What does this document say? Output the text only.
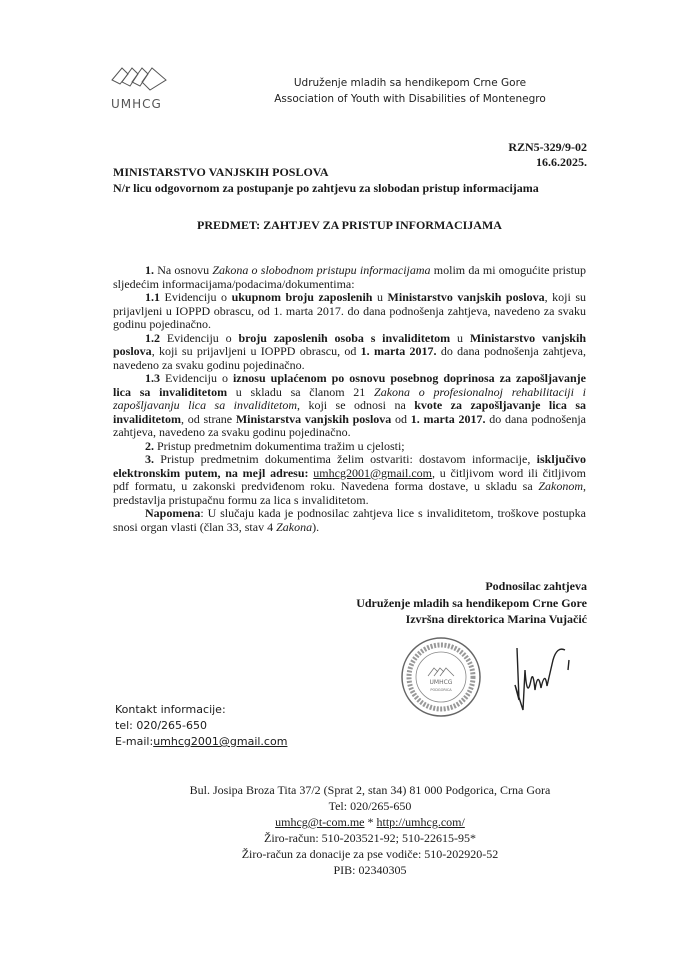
UMHCG
Udruženje mladih sa hendikepom Crne Gore
Association of Youth with Disabilities of Montenegro
RZN5-329/9-02
16.6.2025.
MINISTARSTVO VANJSKIH POSLOVA
N/r licu odgovornom za postupanje po zahtjevu za slobodan pristup informacijama
PREDMET: ZAHTJEV ZA PRISTUP INFORMACIJAMA

1. Na osnovu Zakona o slobodnom pristupu informacijama molim da mi omogućite pristup sljedećim informacijama/podacima/dokumentima:

1.1 Evidenciju o ukupnom broju zaposlenih u Ministarstvo vanjskih poslova, koji su prijavljeni u IOPPD obrascu, od 1. marta 2017. do dana podnošenja zahtjeva, navedeno za svaku godinu pojedinačno.

1.2 Evidenciju o broju zaposlenih osoba s invaliditetom u Ministarstvo vanjskih poslova, koji su prijavljeni u IOPPD obrascu, od 1. marta 2017. do dana podnošenja zahtjeva, navedeno za svaku godinu pojedinačno.

1.3 Evidenciju o iznosu uplaćenom po osnovu posebnog doprinosa za zapošljavanje lica sa invaliditetom u skladu sa članom 21 Zakona o profesionalnoj rehabilitaciji i zapošljavanju lica sa invaliditetom, koji se odnosi na kvote za zapošljavanje lica sa invaliditetom, od strane Ministarstva vanjskih poslova od 1. marta 2017. do dana podnošenja zahtjeva, navedeno za svaku godinu pojedinačno.

2. Pristup predmetnim dokumentima tražim u cjelosti;

3. Pristup predmetnim dokumentima želim ostvariti: dostavom informacije, isključivo elektronskim putem, na mejl adresu: umhcg2001@gmail.com, u čitljivom word ili čitljivom pdf formatu, u zakonski predviđenom roku. Navedena forma dostave, u skladu sa Zakonom, predstavlja pristupačnu formu za lica s invaliditetom.

Napomena: U slučaju kada je podnosilac zahtjeva lice s invaliditetom, troškove postupka snosi organ vlasti (član 33, stav 4 Zakona).

Podnosilac zahtjeva
Udruženje mladih sa hendikepom Crne Gore
Izvršna direktorica Marina Vujačić
UMHCG
PODGORICA
Kontakt informacije:
tel: 020/265-650
E-mail:umhcg2001@gmail.com
Bul. Josipa Broza Tita 37/2 (Sprat 2, stan 34) 81 000 Podgorica, Crna Gora
Tel: 020/265-650
umhcg@t-com.me * http://umhcg.com/
Žiro-račun: 510-203521-92; 510-22615-95*
Žiro-račun za donacije za pse vodiče: 510-202920-52
PIB: 02340305
